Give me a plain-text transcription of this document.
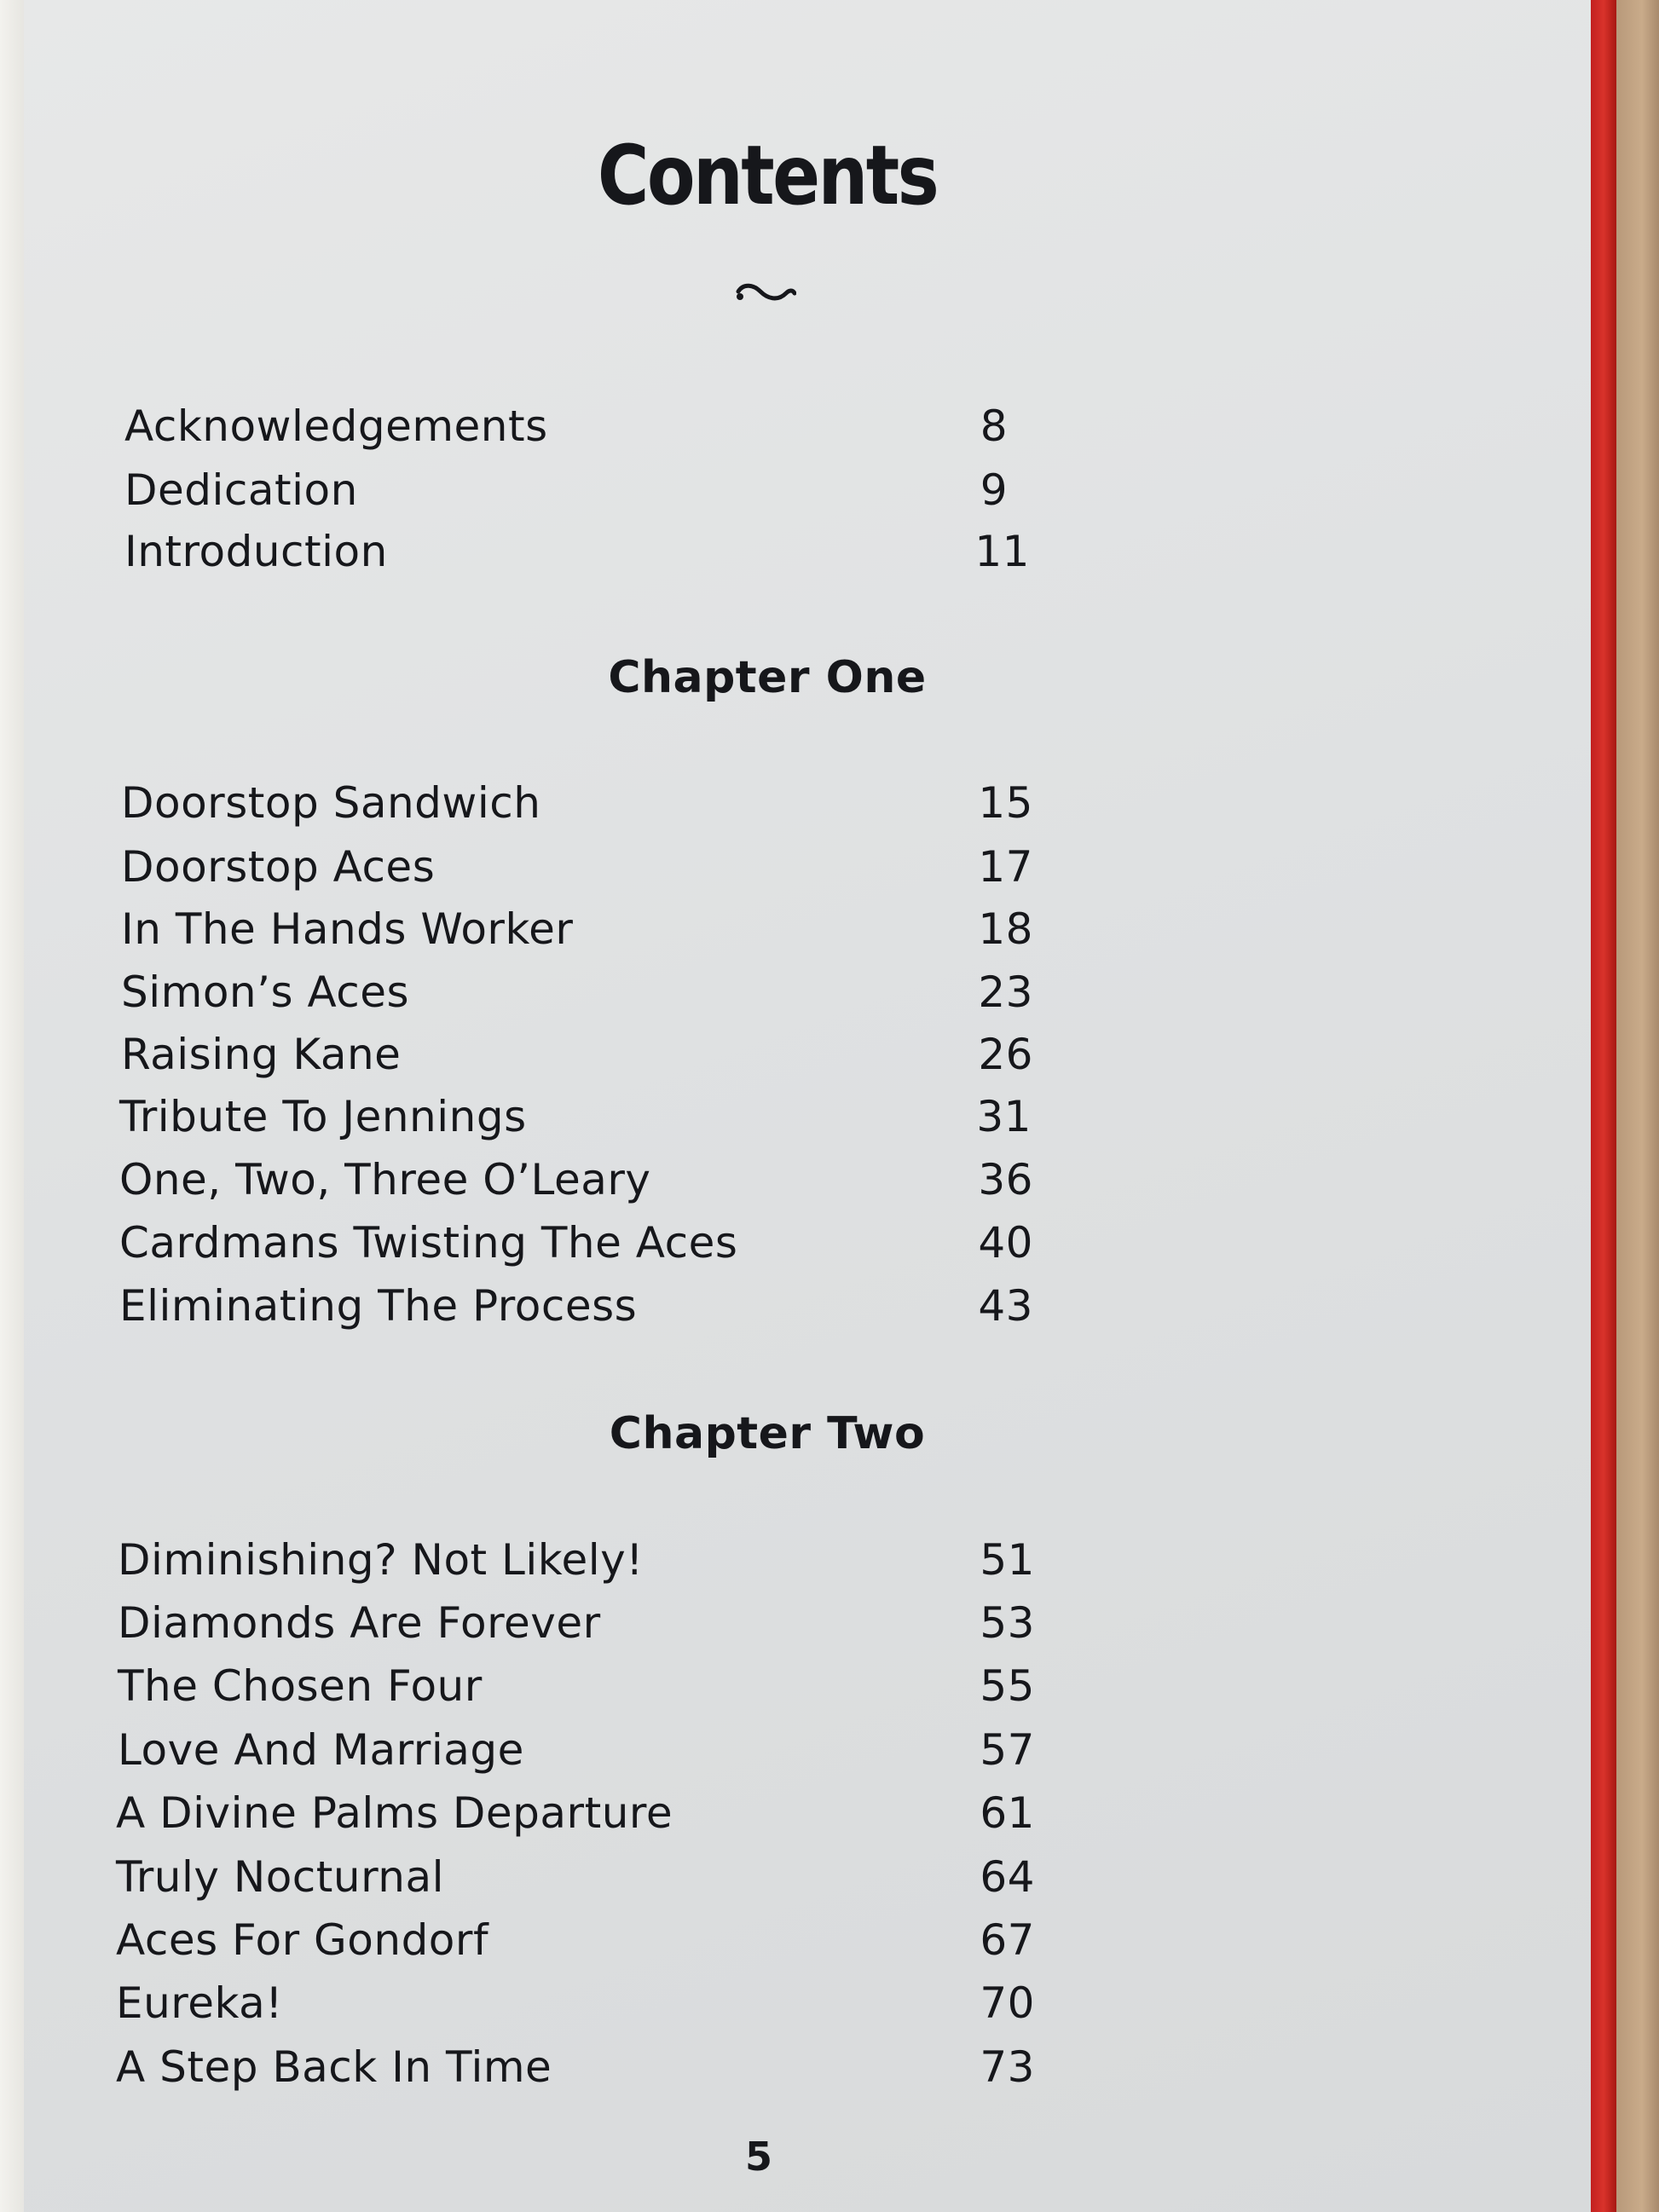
Contents
Acknowledgements	8
Dedication	9
Introduction	11
Chapter One
Doorstop Sandwich	15
Doorstop Aces	17
In The Hands Worker	18
Simon’s Aces	23
Raising Kane	26
Tribute To Jennings	31
One, Two, Three O’Leary	36
Cardmans Twisting The Aces	40
Eliminating The Process	43
Chapter Two
Diminishing? Not Likely!	51
Diamonds Are Forever	53
The Chosen Four	55
Love And Marriage	57
A Divine Palms Departure	61
Truly Nocturnal	64
Aces For Gondorf	67
Eureka!	70
A Step Back In Time	73
5
